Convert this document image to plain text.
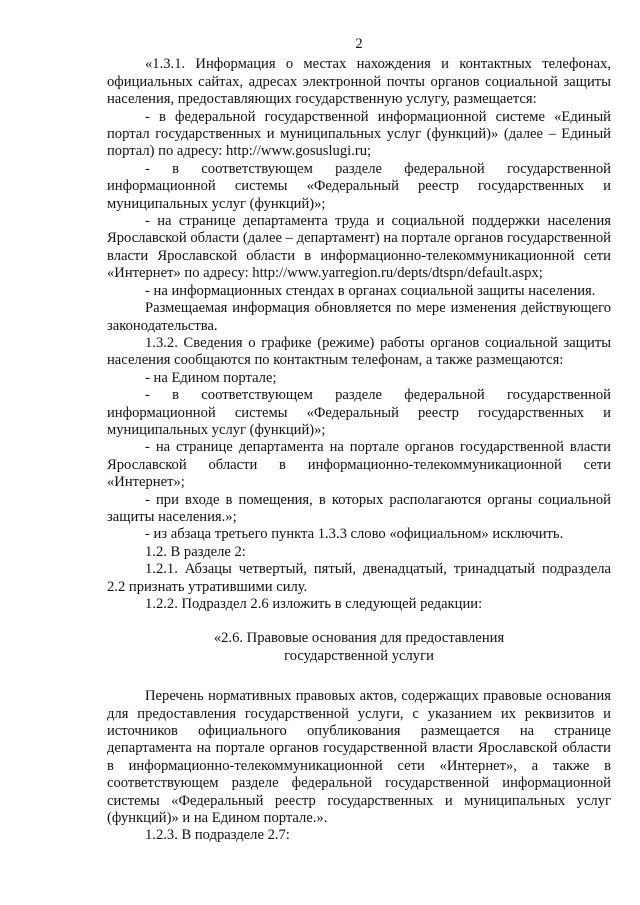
2

«1.3.1. Информация о местах нахождения и контактных телефонах, официальных сайтах, адресах электронной почты органов социальной защиты населения, предоставляющих государственную услугу, размещается:

- в федеральной государственной информационной системе «Единый портал государственных и муниципальных услуг (функций)» (далее – Единый портал) по адресу: http://www.gosuslugi.ru;

- в соответствующем разделе федеральной государственной информационной системы «Федеральный реестр государственных и муниципальных услуг (функций)»;

- на странице департамента труда и социальной поддержки населения Ярославской области (далее – департамент) на портале органов государственной власти Ярославской области в информационно-телекоммуникационной сети «Интернет» по адресу: http://www.yarregion.ru/depts/dtspn/default.aspx;

- на информационных стендах в органах социальной защиты населения.

Размещаемая информация обновляется по мере изменения действующего законодательства.

1.3.2. Сведения о графике (режиме) работы органов социальной защиты населения сообщаются по контактным телефонам, а также размещаются:

- на Едином портале;

- в соответствующем разделе федеральной государственной информационной системы «Федеральный реестр государственных и муниципальных услуг (функций)»;

- на странице департамента на портале органов государственной власти Ярославской области в информационно-телекоммуникационной сети «Интернет»;

- при входе в помещения, в которых располагаются органы социальной защиты населения.»;

- из абзаца третьего пункта 1.3.3 слово «официальном» исключить.

1.2. В разделе 2:

1.2.1. Абзацы четвертый, пятый, двенадцатый, тринадцатый подраздела 2.2 признать утратившими силу.

1.2.2. Подраздел 2.6 изложить в следующей редакции:

«2.6. Правовые основания для предоставления
государственной услуги

Перечень нормативных правовых актов, содержащих правовые основания для предоставления государственной услуги, с указанием их реквизитов и источников официального опубликования размещается на странице департамента на портале органов государственной власти Ярославской области в информационно-телекоммуникационной сети «Интернет», а также в соответствующем разделе федеральной государственной информационной системы «Федеральный реестр государственных и муниципальных услуг (функций)» и на Едином портале.».

1.2.3. В подразделе 2.7:
